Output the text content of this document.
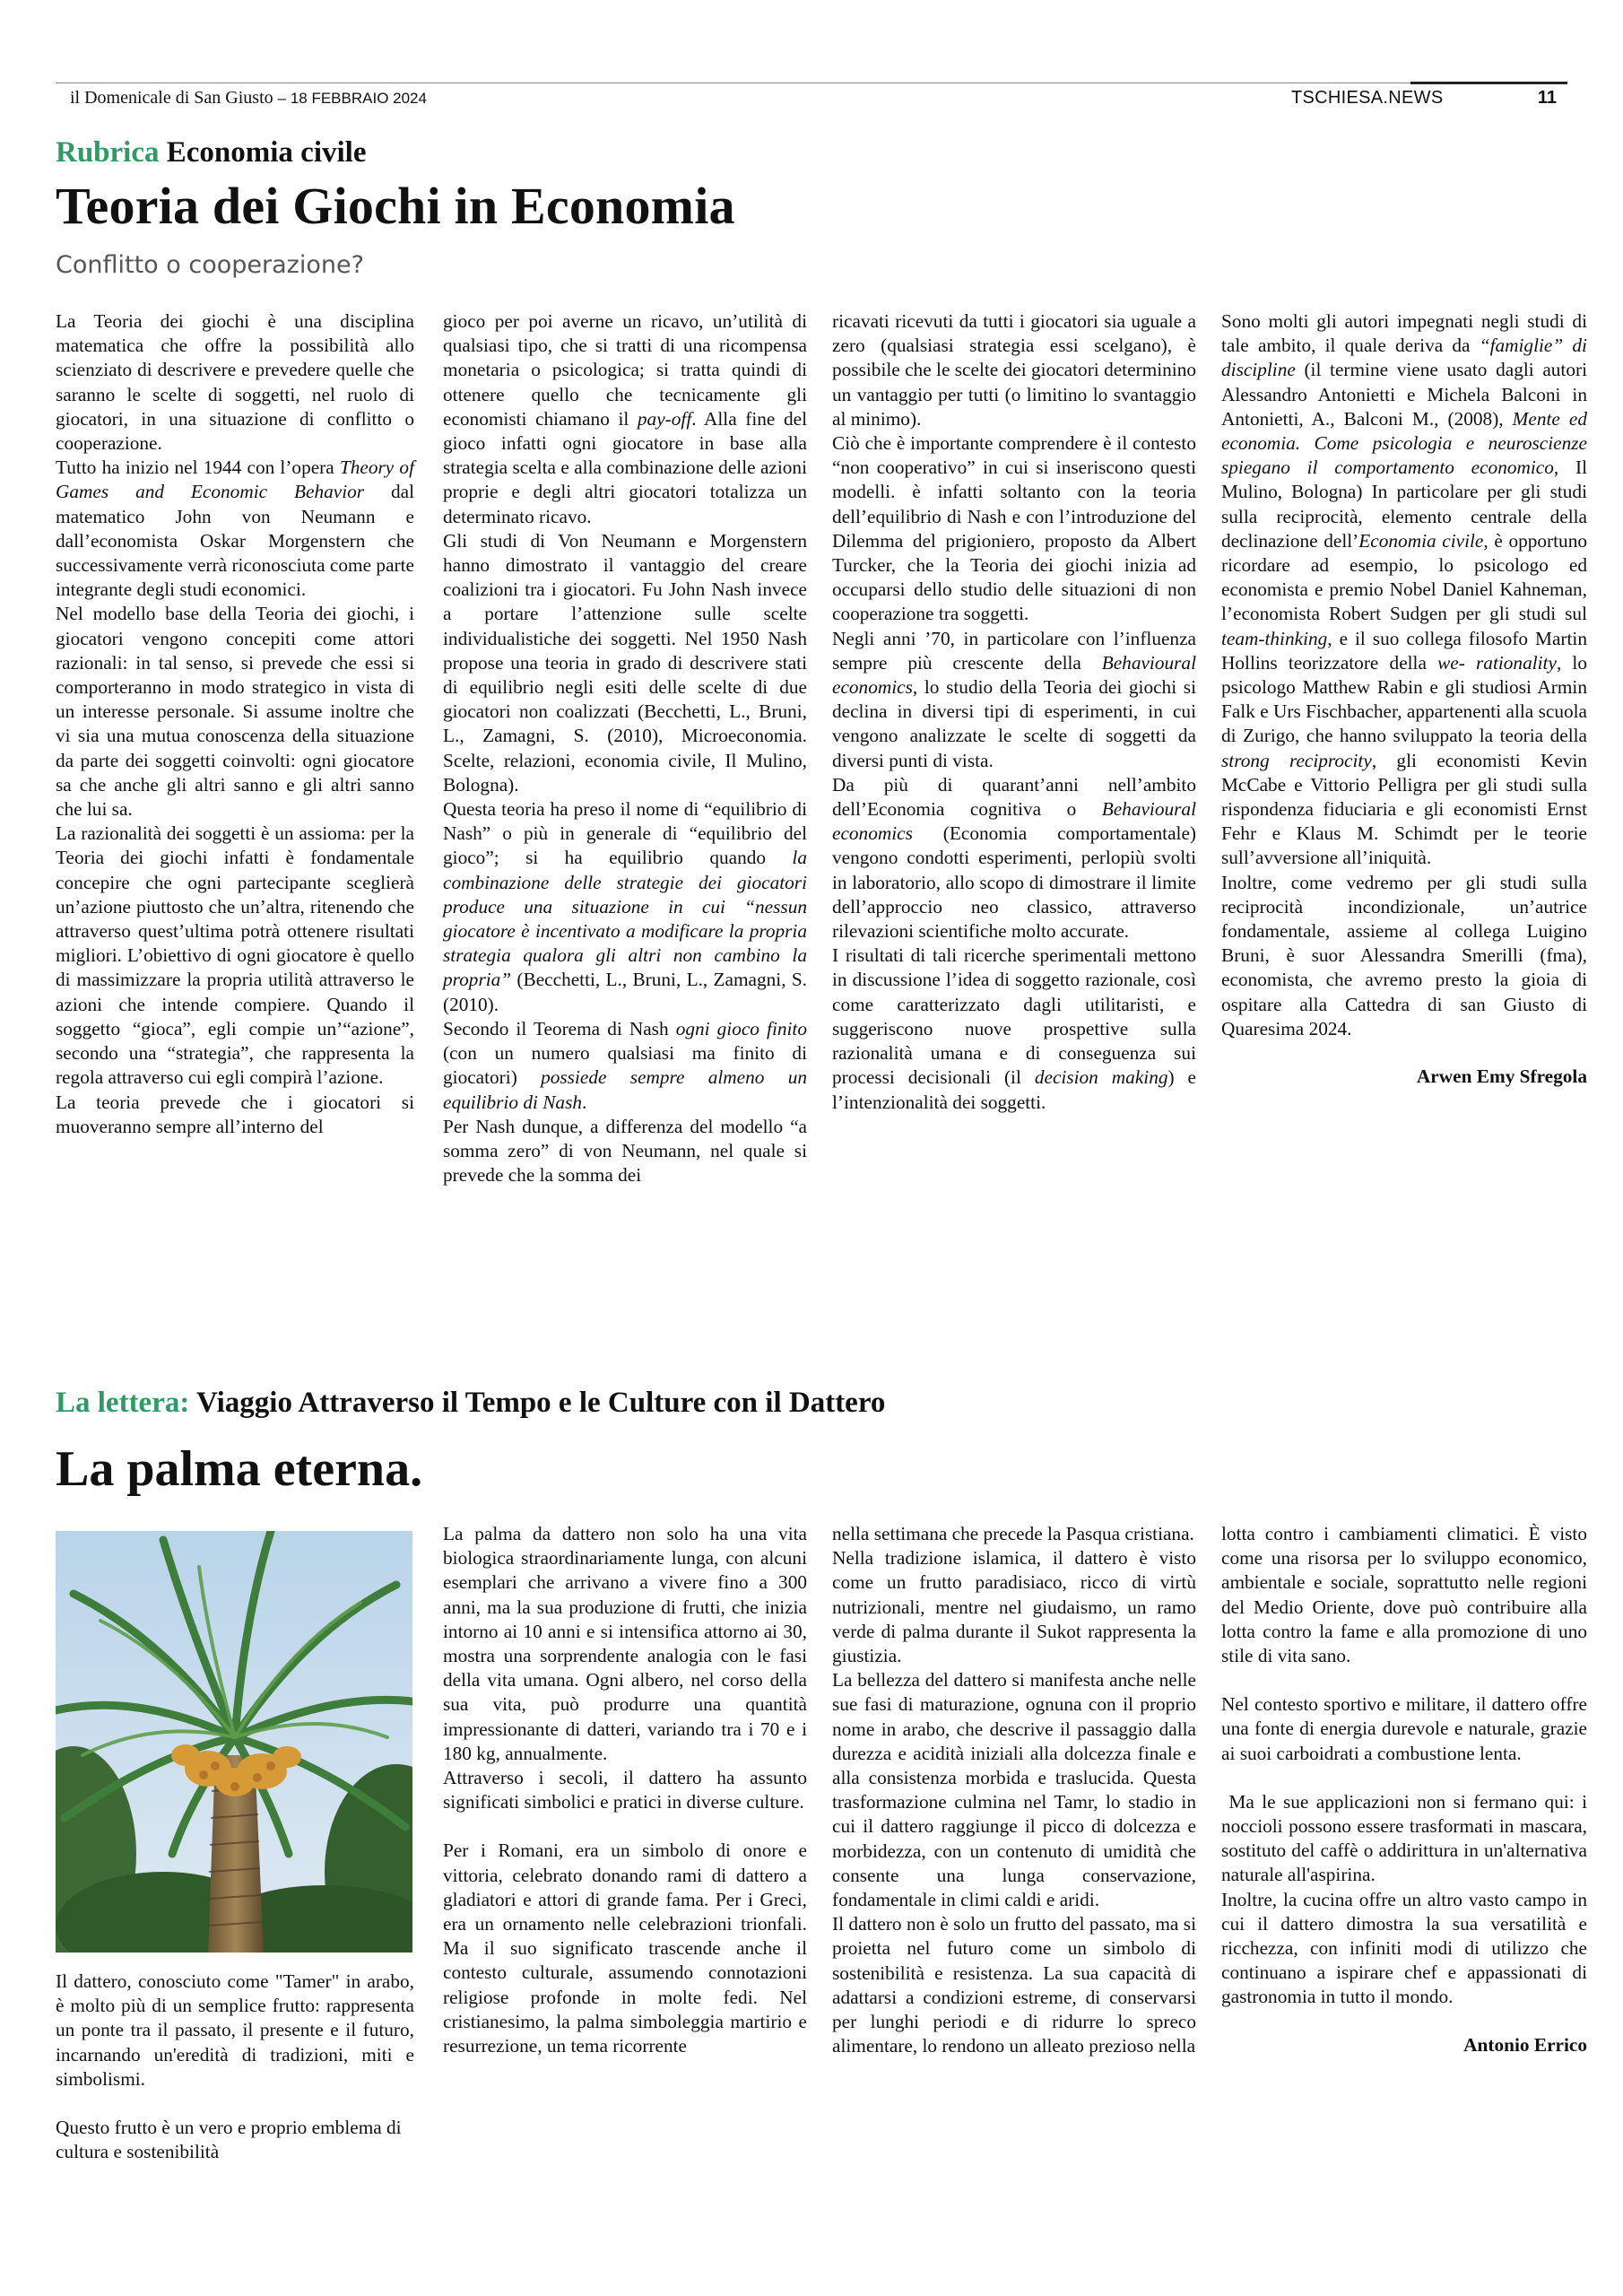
il Domenicale di San Giusto – 18 FEBBRAIO 2024	TSCHIESA.NEWS	11
Rubrica Economia civile
Teoria dei Giochi in Economia
Conflitto o cooperazione?

La Teoria dei giochi è una disciplina matematica che offre la possibilità allo scienziato di descrivere e prevedere quelle che saranno le scelte di soggetti, nel ruolo di giocatori, in una situazione di conflitto o cooperazione.

Tutto ha inizio nel 1944 con l’opera Theory of Games and Economic Behavior dal matematico John von Neumann e dall’economista Oskar Morgenstern che successivamente verrà riconosciuta come parte integrante degli studi economici.

Nel modello base della Teoria dei giochi, i giocatori vengono concepiti come attori razionali: in tal senso, si prevede che essi si comporteranno in modo strategico in vista di un interesse personale. Si assume inoltre che vi sia una mutua conoscenza della situazione da parte dei soggetti coinvolti: ogni giocatore sa che anche gli altri sanno e gli altri sanno che lui sa.

La razionalità dei soggetti è un assioma: per la Teoria dei giochi infatti è fondamentale concepire che ogni partecipante sceglierà un’azione piuttosto che un’altra, ritenendo che attraverso quest’ultima potrà ottenere risultati migliori. L’obiettivo di ogni giocatore è quello di massimizzare la propria utilità attraverso le azioni che intende compiere. Quando il soggetto “gioca”, egli compie un’“azione”, secondo una “strategia”, che rappresenta la regola attraverso cui egli compirà l’azione.

La teoria prevede che i giocatori si muoveranno sempre all’interno del

gioco per poi averne un ricavo, un’utilità di qualsiasi tipo, che si tratti di una ricompensa monetaria o psicologica; si tratta quindi di ottenere quello che tecnicamente gli economisti chiamano il pay-off. Alla fine del gioco infatti ogni giocatore in base alla strategia scelta e alla combinazione delle azioni proprie e degli altri giocatori totalizza un determinato ricavo.

Gli studi di Von Neumann e Morgenstern hanno dimostrato il vantaggio del creare coalizioni tra i giocatori. Fu John Nash invece a portare l’attenzione sulle scelte individualistiche dei soggetti. Nel 1950 Nash propose una teoria in grado di descrivere stati di equilibrio negli esiti delle scelte di due giocatori non coalizzati (Becchetti, L., Bruni, L., Zamagni, S. (2010), Microeconomia. Scelte, relazioni, economia civile, Il Mulino, Bologna).

Questa teoria ha preso il nome di “equilibrio di Nash” o più in generale di “equilibrio del gioco”; si ha equilibrio quando la combinazione delle strategie dei giocatori produce una situazione in cui “nessun giocatore è incentivato a modificare la propria strategia qualora gli altri non cambino la propria” (Becchetti, L., Bruni, L., Zamagni, S. (2010).

Secondo il Teorema di Nash ogni gioco finito (con un numero qualsiasi ma finito di giocatori) possiede sempre almeno un equilibrio di Nash.

Per Nash dunque, a differenza del modello “a somma zero” di von Neumann, nel quale si prevede che la somma dei

ricavati ricevuti da tutti i giocatori sia uguale a zero (qualsiasi strategia essi scelgano), è possibile che le scelte dei giocatori determinino un vantaggio per tutti (o limitino lo svantaggio al minimo).

Ciò che è importante comprendere è il contesto “non cooperativo” in cui si inseriscono questi modelli. è infatti soltanto con la teoria dell’equilibrio di Nash e con l’introduzione del Dilemma del prigioniero, proposto da Albert Turcker, che la Teoria dei giochi inizia ad occuparsi dello studio delle situazioni di non cooperazione tra soggetti.

Negli anni ’70, in particolare con l’influenza sempre più crescente della Behavioural economics, lo studio della Teoria dei giochi si declina in diversi tipi di esperimenti, in cui vengono analizzate le scelte di soggetti da diversi punti di vista.

Da più di quarant’anni nell’ambito dell’Economia cognitiva o Behavioural economics (Economia comportamentale) vengono condotti esperimenti, perlopiù svolti in laboratorio, allo scopo di dimostrare il limite dell’approccio neo classico, attraverso rilevazioni scientifiche molto accurate.

I risultati di tali ricerche sperimentali mettono in discussione l’idea di soggetto razionale, così come caratterizzato dagli utilitaristi, e suggeriscono nuove prospettive sulla razionalità umana e di conseguenza sui processi decisionali (il decision making) e l’intenzionalità dei soggetti.

Sono molti gli autori impegnati negli studi di tale ambito, il quale deriva da “famiglie” di discipline (il termine viene usato dagli autori Alessandro Antonietti e Michela Balconi in Antonietti, A., Balconi M., (2008), Mente ed economia. Come psicologia e neuroscienze spiegano il comportamento economico, Il Mulino, Bologna) In particolare per gli studi sulla reciprocità, elemento centrale della declinazione dell’Economia civile, è opportuno ricordare ad esempio, lo psicologo ed economista e premio Nobel Daniel Kahneman, l’economista Robert Sudgen per gli studi sul team-thinking, e il suo collega filosofo Martin Hollins teorizzatore della we- rationality, lo psicologo Matthew Rabin e gli studiosi Armin Falk e Urs Fischbacher, appartenenti alla scuola di Zurigo, che hanno sviluppato la teoria della strong reciprocity, gli economisti Kevin McCabe e Vittorio Pelligra per gli studi sulla rispondenza fiduciaria e gli economisti Ernst Fehr e Klaus M. Schimdt per le teorie sull’avversione all’iniquità.

Inoltre, come vedremo per gli studi sulla reciprocità incondizionale, un’autrice fondamentale, assieme al collega Luigino Bruni, è suor Alessandra Smerilli (fma), economista, che avremo presto la gioia di ospitare alla Cattedra di san Giusto di Quaresima 2024.

Arwen Emy Sfregola

La lettera: Viaggio Attraverso il Tempo e le Culture con il Dattero
La palma eterna.

Il dattero, conosciuto come "Tamer" in arabo, è molto più di un semplice frutto: rappresenta un ponte tra il passato, il presente e il futuro, incarnando un'eredità di tradizioni, miti e simbolismi.

Questo frutto è un vero e proprio emblema di cultura e sostenibilità

La palma da dattero non solo ha una vita biologica straordinariamente lunga, con alcuni esemplari che arrivano a vivere fino a 300 anni, ma la sua produzione di frutti, che inizia intorno ai 10 anni e si intensifica attorno ai 30, mostra una sorprendente analogia con le fasi della vita umana. Ogni albero, nel corso della sua vita, può produrre una quantità impressionante di datteri, variando tra i 70 e i 180 kg, annualmente.

Attraverso i secoli, il dattero ha assunto significati simbolici e pratici in diverse culture.

Per i Romani, era un simbolo di onore e vittoria, celebrato donando rami di dattero a gladiatori e attori di grande fama. Per i Greci, era un ornamento nelle celebrazioni trionfali. Ma il suo significato trascende anche il contesto culturale, assumendo connotazioni religiose profonde in molte fedi. Nel cristianesimo, la palma simboleggia martirio e resurrezione, un tema ricorrente

nella settimana che precede la Pasqua cristiana.

Nella tradizione islamica, il dattero è visto come un frutto paradisiaco, ricco di virtù nutrizionali, mentre nel giudaismo, un ramo verde di palma durante il Sukot rappresenta la giustizia.

La bellezza del dattero si manifesta anche nelle sue fasi di maturazione, ognuna con il proprio nome in arabo, che descrive il passaggio dalla durezza e acidità iniziali alla dolcezza finale e alla consistenza morbida e traslucida. Questa trasformazione culmina nel Tamr, lo stadio in cui il dattero raggiunge il picco di dolcezza e morbidezza, con un contenuto di umidità che consente una lunga conservazione, fondamentale in climi caldi e aridi.

Il dattero non è solo un frutto del passato, ma si proietta nel futuro come un simbolo di sostenibilità e resistenza. La sua capacità di adattarsi a condizioni estreme, di conservarsi per lunghi periodi e di ridurre lo spreco alimentare, lo rendono un alleato prezioso nella

lotta contro i cambiamenti climatici. È visto come una risorsa per lo sviluppo economico, ambientale e sociale, soprattutto nelle regioni del Medio Oriente, dove può contribuire alla lotta contro la fame e alla promozione di uno stile di vita sano.

Nel contesto sportivo e militare, il dattero offre una fonte di energia durevole e naturale, grazie ai suoi carboidrati a combustione lenta.

Ma le sue applicazioni non si fermano qui: i noccioli possono essere trasformati in mascara, sostituto del caffè o addirittura in un'alternativa naturale all'aspirina.

Inoltre, la cucina offre un altro vasto campo in cui il dattero dimostra la sua versatilità e ricchezza, con infiniti modi di utilizzo che continuano a ispirare chef e appassionati di gastronomia in tutto il mondo.

Antonio Errico
